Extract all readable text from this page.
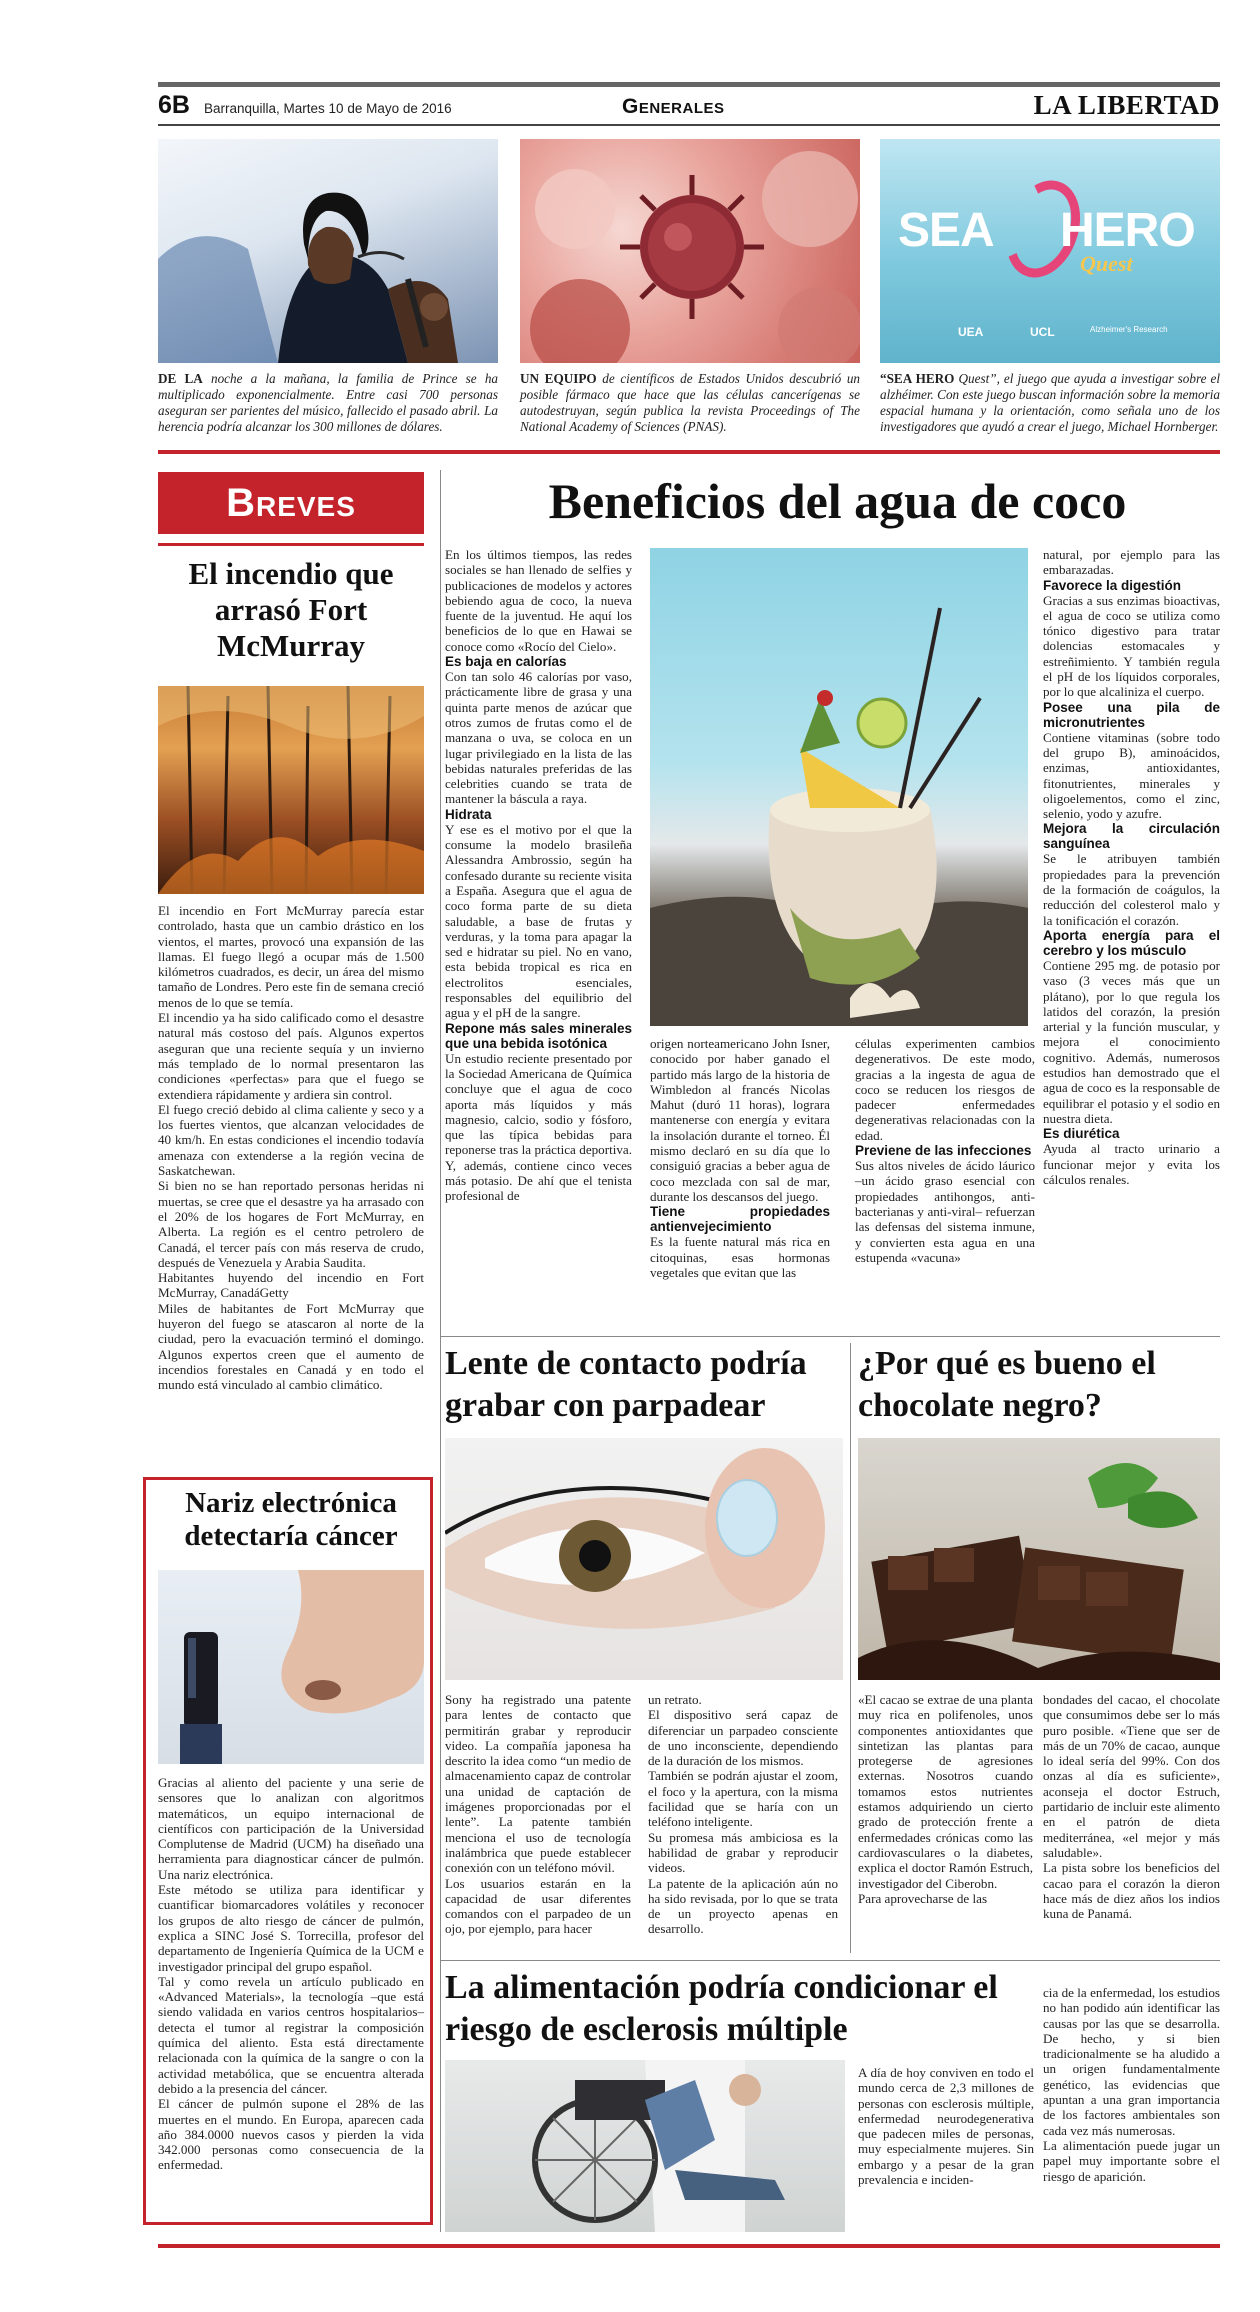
6B Barranquilla, Martes 10 de Mayo de 2016	Generales	LA LIBERTAD
SEA HERO
Quest
UEA	UCL	Alzheimer's Research
DE LA noche a la mañana, la familia de Prince se ha multiplicado exponencialmente. Entre casi 700 personas aseguran ser parientes del músico, fallecido el pasado abril. La herencia podría alcanzar los 300 millones de dólares.
UN EQUIPO de científicos de Estados Unidos descubrió un posible fármaco que hace que las células cancerígenas se autodestruyan, según publica la revista Proceedings of The National Academy of Sciences (PNAS).
“SEA HERO Quest”, el juego que ayuda a investigar sobre el alzhéimer. Con este juego buscan información sobre la memoria espacial humana y la orientación, como señala uno de los investigadores que ayudó a crear el juego, Michael Hornberger.
Breves
El incendio que arrasó Fort McMurray
El incendio en Fort McMurray parecía estar controlado, hasta que un cambio drástico en los vientos, el martes, provocó una expansión de las llamas. El fuego llegó a ocupar más de 1.500 kilómetros cuadrados, es decir, un área del mismo tamaño de Londres. Pero este fin de semana creció menos de lo que se temía.
El incendio ya ha sido calificado como el desastre natural más costoso del país. Algunos expertos aseguran que una reciente sequía y un invierno más templado de lo normal presentaron las condiciones «perfectas» para que el fuego se extendiera rápidamente y ardiera sin control.
El fuego creció debido al clima caliente y seco y a los fuertes vientos, que alcanzan velocidades de 40 km/h. En estas condiciones el incendio todavía amenaza con extenderse a la región vecina de Saskatchewan.
Si bien no se han reportado personas heridas ni muertas, se cree que el desastre ya ha arrasado con el 20% de los hogares de Fort McMurray, en Alberta. La región es el centro petrolero de Canadá, el tercer país con más reserva de crudo, después de Venezuela y Arabia Saudita.
Habitantes huyendo del incendio en Fort McMurray, CanadáGetty
Miles de habitantes de Fort McMurray que huyeron del fuego se atascaron al norte de la ciudad, pero la evacuación terminó el domingo. Algunos expertos creen que el aumento de incendios forestales en Canadá y en todo el mundo está vinculado al cambio climático.
Nariz electrónica detectaría cáncer
Gracias al aliento del paciente y una serie de sensores que lo analizan con algoritmos matemáticos, un equipo internacional de científicos con participación de la Universidad Complutense de Madrid (UCM) ha diseñado una herramienta para diagnosticar cáncer de pulmón. Una nariz electrónica.
Este método se utiliza para identificar y cuantificar biomarcadores volátiles y reconocer los grupos de alto riesgo de cáncer de pulmón, explica a SINC José S. Torrecilla, profesor del departamento de Ingeniería Química de la UCM e investigador principal del grupo español.
Tal y como revela un artículo publicado en «Advanced Materials», la tecnología –que está siendo validada en varios centros hospitalarios– detecta el tumor al registrar la composición química del aliento. Esta está directamente relacionada con la química de la sangre o con la actividad metabólica, que se encuentra alterada debido a la presencia del cáncer.
El cáncer de pulmón supone el 28% de las muertes en el mundo. En Europa, aparecen cada año 384.0000 nuevos casos y pierden la vida 342.000 personas como consecuencia de la enfermedad.
Beneficios del agua de coco

En los últimos tiempos, las redes sociales se han llenado de selfies y publicaciones de modelos y actores bebiendo agua de coco, la nueva fuente de la juventud. He aquí los beneficios de lo que en Hawai se conoce como «Rocío del Cielo».

Es baja en calorías

Con tan solo 46 calorías por vaso, prácticamente libre de grasa y una quinta parte menos de azúcar que otros zumos de frutas como el de manzana o uva, se coloca en un lugar privilegiado en la lista de las bebidas naturales preferidas de las celebrities cuando se trata de mantener la báscula a raya.

Hidrata

Y ese es el motivo por el que la consume la modelo brasileña Alessandra Ambrossio, según ha confesado durante su reciente visita a España. Asegura que el agua de coco forma parte de su dieta saludable, a base de frutas y verduras, y la toma para apagar la sed e hidratar su piel. No en vano, esta bebida tropical es rica en electrolitos esenciales, responsables del equilibrio del agua y el pH de la sangre.

Repone más sales minerales que una bebida isotónica

Un estudio reciente presentado por la Sociedad Americana de Química concluye que el agua de coco aporta más líquidos y más magnesio, calcio, sodio y fósforo, que las típica bebidas para reponerse tras la práctica deportiva. Y, además, contiene cinco veces más potasio. De ahí que el tenista profesional de

origen norteamericano John Isner, conocido por haber ganado el partido más largo de la historia de Wimbledon al francés Nicolas Mahut (duró 11 horas), lograra mantenerse con energía y evitara la insolación durante el torneo. Él mismo declaró en su día que lo consiguió gracias a beber agua de coco mezclada con sal de mar, durante los descansos del juego.

Tiene propiedades antienvejecimiento

Es la fuente natural más rica en citoquinas, esas hormonas vegetales que evitan que las

células experimenten cambios degenerativos. De este modo, gracias a la ingesta de agua de coco se reducen los riesgos de padecer enfermedades degenerativas relacionadas con la edad.

Previene de las infecciones

Sus altos niveles de ácido láurico –un ácido graso esencial con propiedades antihongos, anti-bacterianas y anti-viral– refuerzan las defensas del sistema inmune, y convierten esta agua en una estupenda «vacuna»

natural, por ejemplo para las embarazadas.

Favorece la digestión

Gracias a sus enzimas bioactivas, el agua de coco se utiliza como tónico digestivo para tratar dolencias estomacales y estreñimiento. Y también regula el pH de los líquidos corporales, por lo que alcaliniza el cuerpo.

Posee una pila de micronutrientes

Contiene vitaminas (sobre todo del grupo B), aminoácidos, enzimas, antioxidantes, fitonutrientes, minerales y oligoelementos, como el zinc, selenio, yodo y azufre.

Mejora la circulación sanguínea

Se le atribuyen también propiedades para la prevención de la formación de coágulos, la reducción del colesterol malo y la tonificación el corazón.

Aporta energía para el cerebro y los músculo

Contiene 295 mg. de potasio por vaso (3 veces más que un plátano), por lo que regula los latidos del corazón, la presión arterial y la función muscular, y mejora el conocimiento cognitivo. Además, numerosos estudios han demostrado que el agua de coco es la responsable de equilibrar el potasio y el sodio en nuestra dieta.

Es diurética

Ayuda al tracto urinario a funcionar mejor y evita los cálculos renales.

Lente de contacto podría grabar con parpadear
Sony ha registrado una patente para lentes de contacto que permitirán grabar y reproducir video. La compañía japonesa ha descrito la idea como “un medio de almacenamiento capaz de controlar una unidad de captación de imágenes proporcionadas por el lente”. La patente también menciona el uso de tecnología inalámbrica que puede establecer conexión con un teléfono móvil.
Los usuarios estarán en la capacidad de usar diferentes comandos con el parpadeo de un ojo, por ejemplo, para hacer
un retrato.
El dispositivo será capaz de diferenciar un parpadeo consciente de uno inconsciente, dependiendo de la duración de los mismos.
También se podrán ajustar el zoom, el foco y la apertura, con la misma facilidad que se haría con un teléfono inteligente.
Su promesa más ambiciosa es la habilidad de grabar y reproducir videos.
La patente de la aplicación aún no ha sido revisada, por lo que se trata de un proyecto apenas en desarrollo.
¿Por qué es bueno el chocolate negro?
«El cacao se extrae de una planta muy rica en polifenoles, unos componentes antioxidantes que sintetizan las plantas para protegerse de agresiones externas. Nosotros cuando tomamos estos nutrientes estamos adquiriendo un cierto grado de protección frente a enfermedades crónicas como las cardiovasculares o la diabetes, explica el doctor Ramón Estruch, investigador del Ciberobn.
Para aprovecharse de las
bondades del cacao, el chocolate que consumimos debe ser lo más puro posible. «Tiene que ser de más de un 70% de cacao, aunque lo ideal sería del 99%. Con dos onzas al día es suficiente», aconseja el doctor Estruch, partidario de incluir este alimento en el patrón de dieta mediterránea, «el mejor y más saludable».
La pista sobre los beneficios del cacao para el corazón la dieron hace más de diez años los indios kuna de Panamá.
La alimentación podría condicionar el riesgo de esclerosis múltiple
A día de hoy conviven en todo el mundo cerca de 2,3 millones de personas con esclerosis múltiple, enfermedad neurodegenerativa que padecen miles de personas, muy especialmente mujeres. Sin embargo y a pesar de la gran prevalencia e inciden-
cia de la enfermedad, los estudios no han podido aún identificar las causas por las que se desarrolla. De hecho, y si bien tradicionalmente se ha aludido a un origen fundamentalmente genético, las evidencias que apuntan a una gran importancia de los factores ambientales son cada vez más numerosas.
La alimentación puede jugar un papel muy importante sobre el riesgo de aparición.
